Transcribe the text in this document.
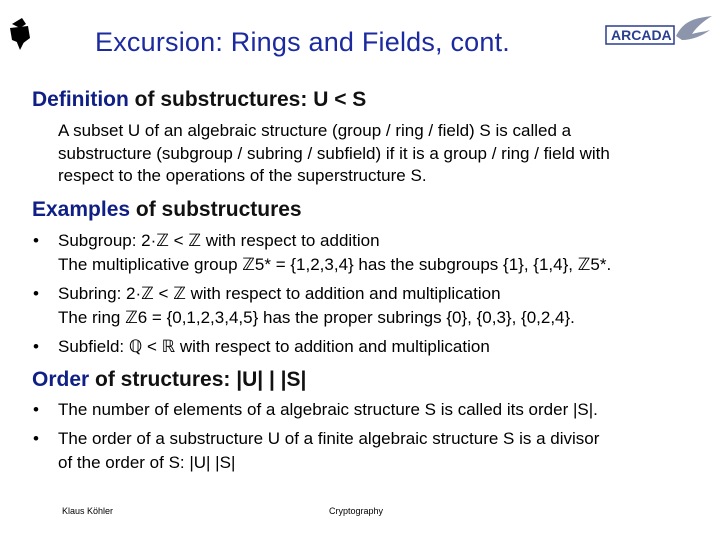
Excursion: Rings and Fields, cont.	ARCADA
Definition of substructures: U < S
A subset U of an algebraic structure (group / ring / field) S is called a
substructure (subgroup / subring / subfield) if it is a group / ring / field with
respect to the operations of the superstructure S.
Examples of substructures
• Subgroup: 2·ℤ < ℤ with respect to addition
The multiplicative group ℤ5* = {1,2,3,4} has the subgroups {1}, {1,4}, ℤ5*.
• Subring: 2·ℤ < ℤ with respect to addition and multiplication
The ring ℤ6 = {0,1,2,3,4,5} has the proper subrings {0}, {0,3}, {0,2,4}.
• Subfield: ℚ < ℝ with respect to addition and multiplication
Order of structures: |U| | |S|
• The number of elements of a algebraic structure S is called its order |S|.
• The order of a substructure U of a finite algebraic structure S is a divisor
of the order of S: |U| |S|
Klaus Köhler	Cryptography
